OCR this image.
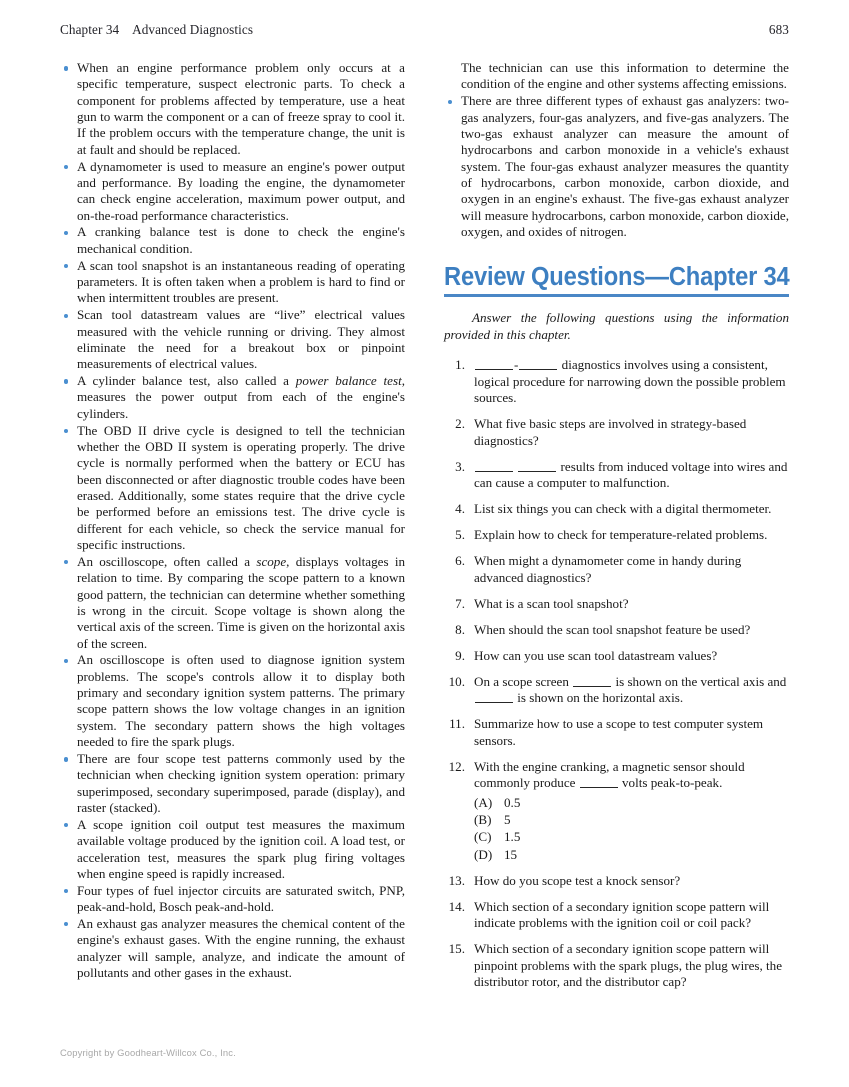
Chapter 34    Advanced Diagnostics	683
When an engine performance problem only occurs at a specific temperature, suspect electronic parts. To check a component for problems affected by temperature, use a heat gun to warm the component or a can of freeze spray to cool it. If the problem occurs with the temperature change, the unit is at fault and should be replaced.
A dynamometer is used to measure an engine's power output and performance. By loading the engine, the dynamometer can check engine acceleration, maximum power output, and on-the-road performance characteristics.
A cranking balance test is done to check the engine's mechanical condition.
A scan tool snapshot is an instantaneous reading of operating parameters. It is often taken when a problem is hard to find or when intermittent troubles are present.
Scan tool datastream values are “live” electrical values measured with the vehicle running or driving. They almost eliminate the need for a breakout box or pinpoint measurements of electrical values.
A cylinder balance test, also called a power balance test, measures the power output from each of the engine's cylinders.
The OBD II drive cycle is designed to tell the technician whether the OBD II system is operating properly. The drive cycle is normally performed when the battery or ECU has been disconnected or after diagnostic trouble codes have been erased. Additionally, some states require that the drive cycle be performed before an emissions test. The drive cycle is different for each vehicle, so check the service manual for specific instructions.
An oscilloscope, often called a scope, displays voltages in relation to time. By comparing the scope pattern to a known good pattern, the technician can determine whether something is wrong in the circuit. Scope voltage is shown along the vertical axis of the screen. Time is given on the horizontal axis of the screen.
An oscilloscope is often used to diagnose ignition system problems. The scope's controls allow it to display both primary and secondary ignition system patterns. The primary scope pattern shows the low voltage changes in an ignition system. The secondary pattern shows the high voltages needed to fire the spark plugs.
There are four scope test patterns commonly used by the technician when checking ignition system operation: primary superimposed, secondary superimposed, parade (display), and raster (stacked).
A scope ignition coil output test measures the maximum available voltage produced by the ignition coil. A load test, or acceleration test, measures the spark plug firing voltages when engine speed is rapidly increased.
Four types of fuel injector circuits are saturated switch, PNP, peak-and-hold, Bosch peak-and-hold.
An exhaust gas analyzer measures the chemical content of the engine's exhaust gases. With the engine running, the exhaust analyzer will sample, analyze, and indicate the amount of pollutants and other gases in the exhaust.
The technician can use this information to determine the condition of the engine and other systems affecting emissions.
There are three different types of exhaust gas analyzers: two-gas analyzers, four-gas analyzers, and five-gas analyzers. The two-gas exhaust analyzer can measure the amount of hydrocarbons and carbon monoxide in a vehicle's exhaust system. The four-gas exhaust analyzer measures the quantity of hydrocarbons, carbon monoxide, carbon dioxide, and oxygen in an engine's exhaust. The five-gas exhaust analyzer will measure hydrocarbons, carbon monoxide, carbon dioxide, oxygen, and oxides of nitrogen.
Review Questions—Chapter 34
Answer the following questions using the information provided in this chapter.
1.	-	diagnostics involves using a consistent, logical procedure for narrowing down the possible problem sources.
2. What five basic steps are involved in strategy-based diagnostics?
3.	results from induced voltage into wires and can cause a computer to malfunction.
4. List six things you can check with a digital thermometer.
5. Explain how to check for temperature-related problems.
6. When might a dynamometer come in handy during advanced diagnostics?
7. What is a scan tool snapshot?
8. When should the scan tool snapshot feature be used?
9. How can you use scan tool datastream values?
10. On a scope screen	is shown on the vertical axis and  is shown on the horizontal axis.
11. Summarize how to use a scope to test computer system sensors.
12. With the engine cranking, a magnetic sensor should commonly produce	volts peak-to-peak.
(A) 0.5
(B) 5
(C) 1.5
(D) 15
13. How do you scope test a knock sensor?
14. Which section of a secondary ignition scope pattern will indicate problems with the ignition coil or coil pack?
15. Which section of a secondary ignition scope pattern will pinpoint problems with the spark plugs, the plug wires, the distributor rotor, and the distributor cap?
Copyright by Goodheart-Willcox Co., Inc.
